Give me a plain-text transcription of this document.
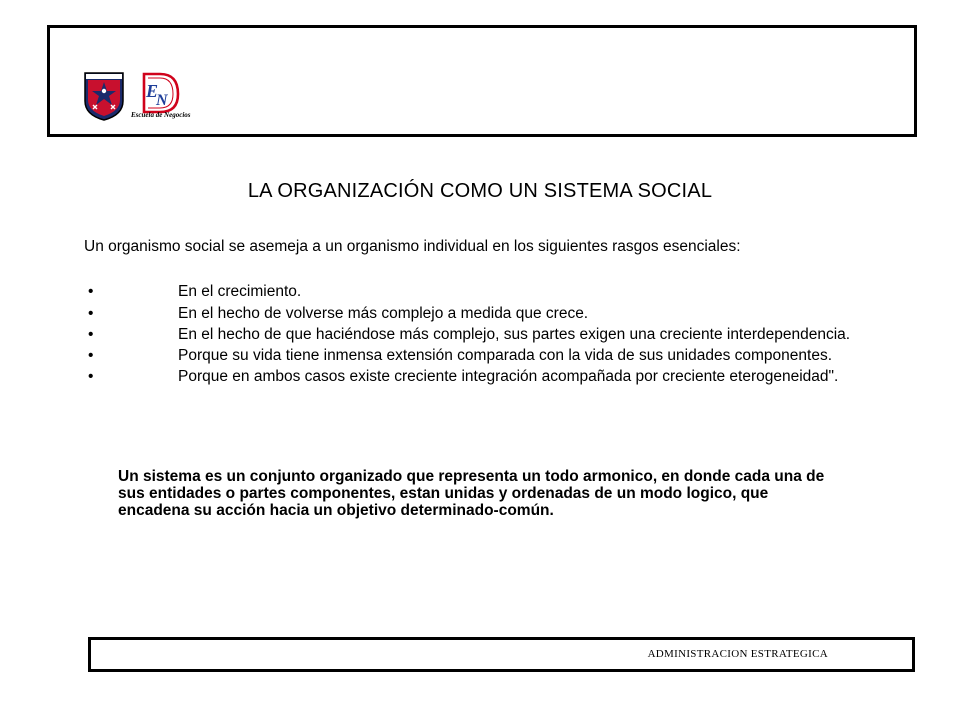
E
N
Escuela de Negocios
LA ORGANIZACIÓN COMO UN SISTEMA SOCIAL
Un organismo social se asemeja a un organismo individual en los siguientes rasgos esenciales:
•	En el crecimiento.
•	En el hecho de volverse más complejo a medida que crece.
•	En el hecho de que haciéndose más complejo, sus partes exigen una creciente interdependencia.
•	Porque su vida tiene inmensa extensión comparada con la vida de sus unidades componentes.
•	Porque en ambos casos existe creciente integración acompañada por creciente eterogeneidad".
Un sistema es un conjunto organizado que representa un todo armonico, en donde cada una de sus entidades o partes componentes, estan unidas y ordenadas de un modo logico, que encadena su acción hacia un objetivo determinado-común.
ADMINISTRACION ESTRATEGICA
